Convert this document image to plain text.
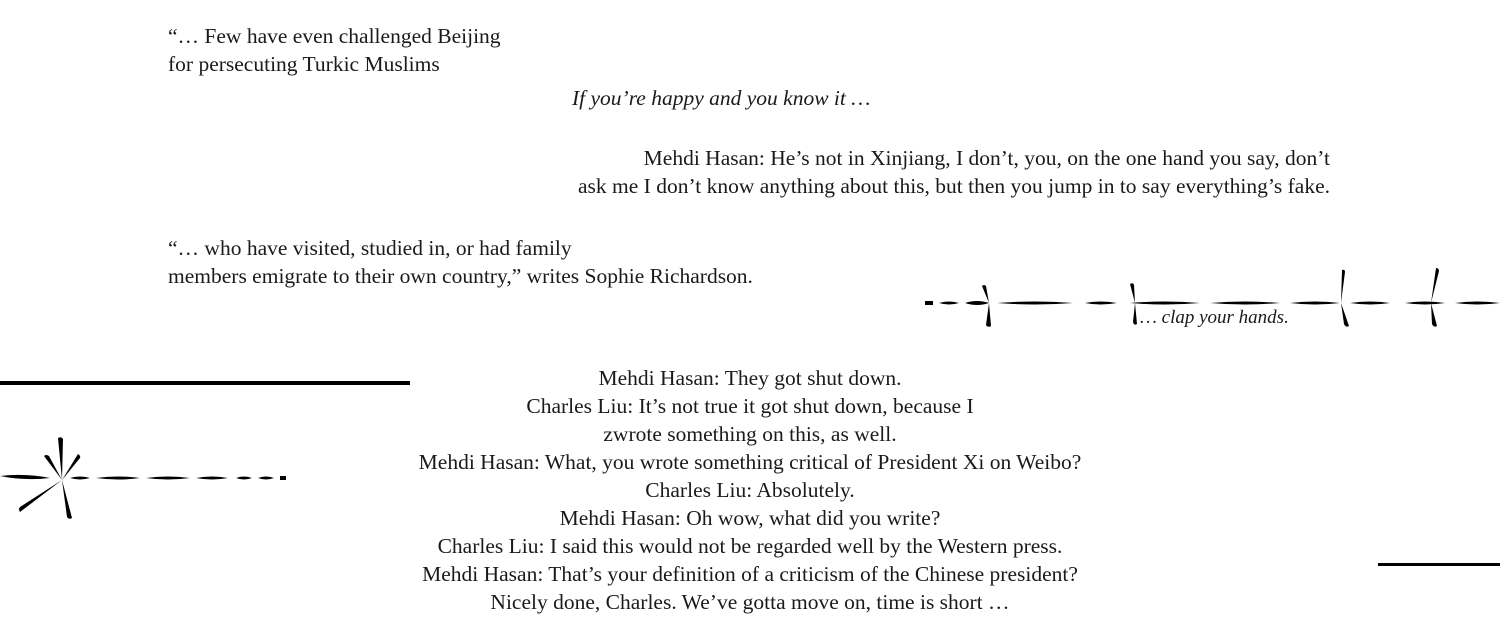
“… Few have even challenged Beijing
for persecuting Turkic Muslims
If you’re happy and you know it …
Mehdi Hasan: He’s not in Xinjiang, I don’t, you, on the one hand you say, don’t
ask me I don’t know anything about this, but then you jump in to say everything’s fake.
“… who have visited, studied in, or had family
members emigrate to their own country,” writes Sophie Richardson.
… clap your hands.
Mehdi Hasan: They got shut down.
Charles Liu: It’s not true it got shut down, because I
zwrote something on this, as well.
Mehdi Hasan: What, you wrote something critical of President Xi on Weibo?
Charles Liu: Absolutely.
Mehdi Hasan: Oh wow, what did you write?
Charles Liu: I said this would not be regarded well by the Western press.
Mehdi Hasan: That’s your definition of a criticism of the Chinese president?
Nicely done, Charles. We’ve gotta move on, time is short …
